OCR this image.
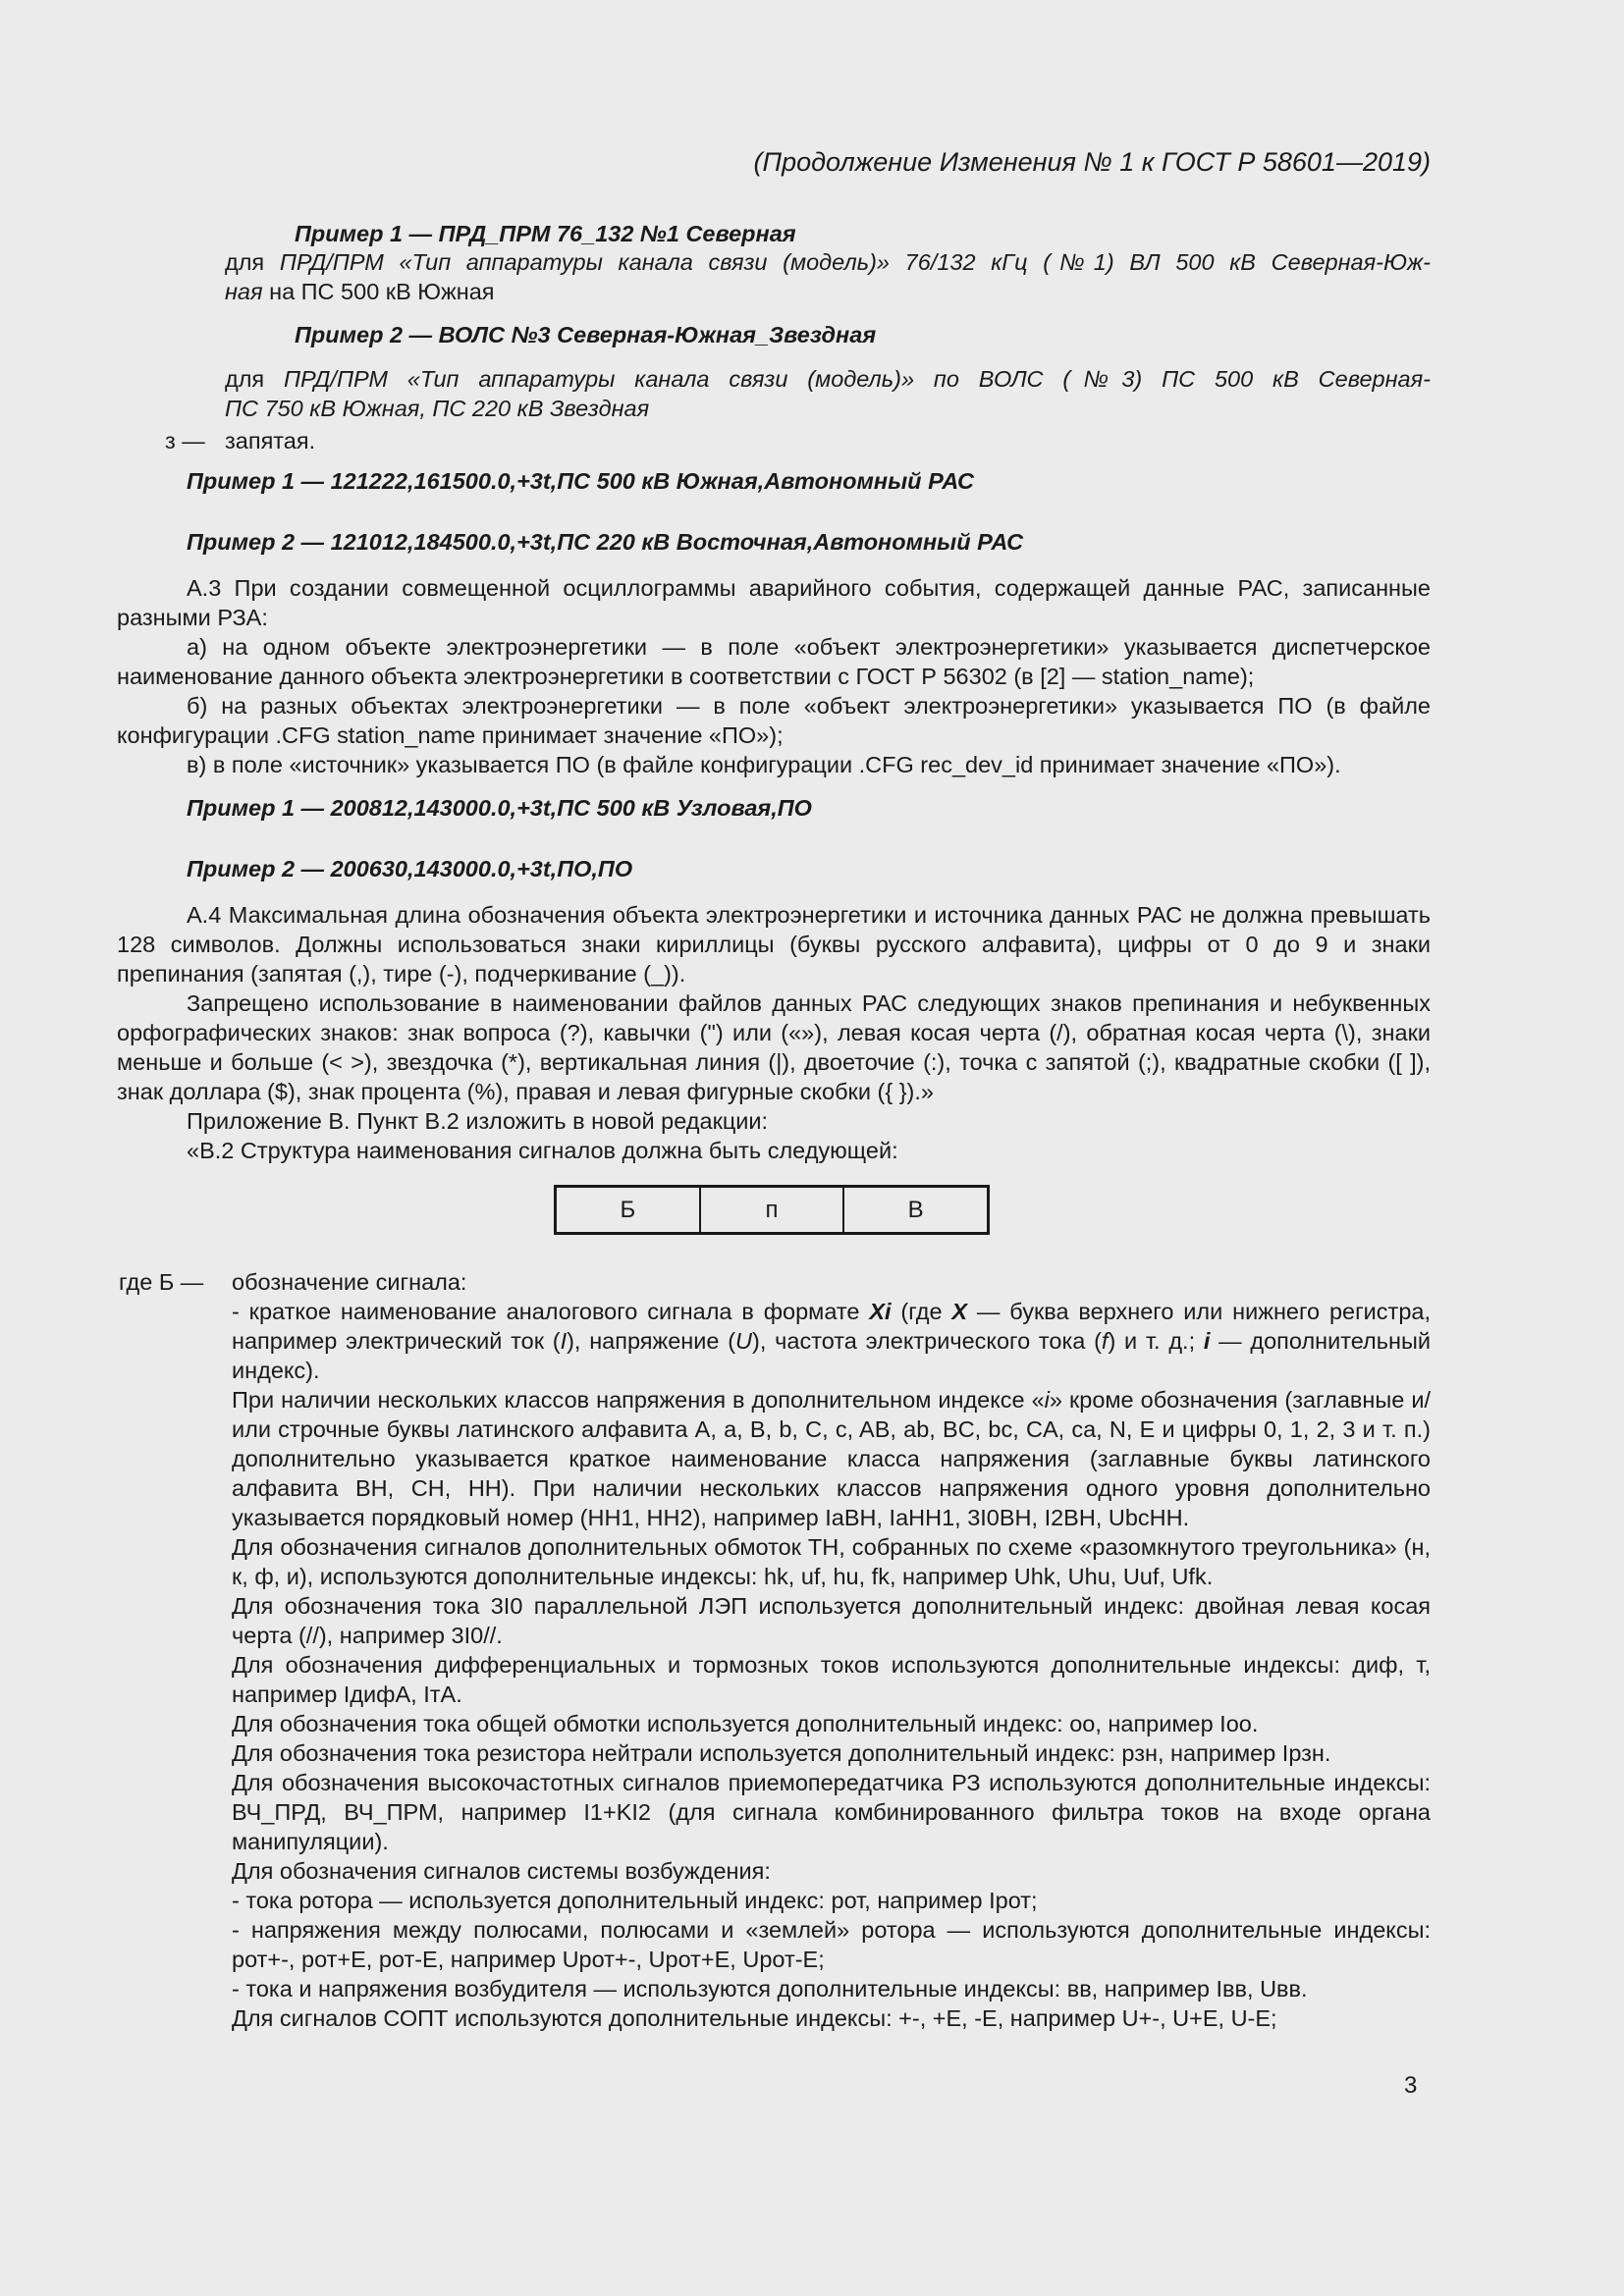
(Продолжение Изменения № 1 к ГОСТ Р 58601—2019)
Пример 1 — ПРД_ПРМ 76_132 №1 Северная

для ПРД/ПРМ «Тип аппаратуры канала связи (модель)» 76/132 кГц (№1) ВЛ 500 кВ Северная-Юж-

ная на ПС 500 кВ Южная

Пример 2 — ВОЛС №3 Северная-Южная_Звездная

для ПРД/ПРМ «Тип аппаратуры канала связи (модель)» по ВОЛС (№3) ПС 500 кВ Северная-

ПС 750 кВ Южная, ПС 220 кВ Звездная

з — запятая.
Пример 1 — 121222,161500.0,+3t,ПС 500 кВ Южная,Автономный РАС
Пример 2 — 121012,184500.0,+3t,ПС 220 кВ Восточная,Автономный РАС

А.3 При создании совмещенной осциллограммы аварийного события, содержащей данные РАС, записанные разными РЗА:

а) на одном объекте электроэнергетики — в поле «объект электроэнергетики» указывается диспетчерское наименование данного объекта электроэнергетики в соответствии с ГОСТ Р 56302 (в [2] — station_name);

б) на разных объектах электроэнергетики — в поле «объект электроэнергетики» указывается ПО (в файле конфигурации .CFG station_name принимает значение «ПО»);

в) в поле «источник» указывается ПО (в файле конфигурации .CFG rec_dev_id принимает значение «ПО»).

Пример 1 — 200812,143000.0,+3t,ПС 500 кВ Узловая,ПО
Пример 2 — 200630,143000.0,+3t,ПО,ПО

А.4 Максимальная длина обозначения объекта электроэнергетики и источника данных РАС не должна превышать 128 символов. Должны использоваться знаки кириллицы (буквы русского алфавита), цифры от 0 до 9 и знаки препинания (запятая (,), тире (-), подчеркивание (_)).

Запрещено использование в наименовании файлов данных РАС следующих знаков препинания и небуквенных орфографических знаков: знак вопроса (?), кавычки (") или («»), левая косая черта (/), обратная косая черта (\), знаки меньше и больше (< >), звездочка (*), вертикальная линия (|), двоеточие (:), точка с запятой (;), квадратные скобки ([ ]), знак доллара ($), знак процента (%), правая и левая фигурные скобки ({ }).»

Приложение В. Пункт В.2 изложить в новой редакции:

«В.2 Структура наименования сигналов должна быть следующей:

Б	п	В
где Б — обозначение сигнала:

- краткое наименование аналогового сигнала в формате Xi (где X — буква верхнего или нижнего регистра, например электрический ток (I), напряжение (U), частота электрического тока (f) и т. д.; i — дополнительный индекс).

При наличии нескольких классов напряжения в дополнительном индексе «i» кроме обозначения (заглавные и/или строчные буквы латинского алфавита А, a, B, b, C, c, AB, ab, BC, bc, CA, ca, N, E и цифры 0, 1, 2, 3 и т. п.) дополнительно указывается краткое наименование класса напряжения (заглавные буквы латинского алфавита ВН, СН, НН). При наличии нескольких классов напряжения одного уровня дополнительно указывается порядковый номер (НН1, НН2), например IaВН, IaНН1, 3I0ВН, I2ВН, UbcНН.

Для обозначения сигналов дополнительных обмоток ТН, собранных по схеме «разомкнутого треугольника» (н, к, ф, и), используются дополнительные индексы: hk, uf, hu, fk, например Uhk, Uhu, Uuf, Ufk.

Для обозначения тока 3I0 параллельной ЛЭП используется дополнительный индекс: двойная левая косая черта (//), например 3I0//.

Для обозначения дифференциальных и тормозных токов используются дополнительные индексы: диф, т, например IдифА, IтА.

Для обозначения тока общей обмотки используется дополнительный индекс: оо, например Iоо.

Для обозначения тока резистора нейтрали используется дополнительный индекс: рзн, например Iрзн.

Для обозначения высокочастотных сигналов приемопередатчика РЗ используются дополнительные индексы: ВЧ_ПРД, ВЧ_ПРМ, например I1+KI2 (для сигнала комбинированного фильтра токов на входе органа манипуляции).

Для обозначения сигналов системы возбуждения:

- тока ротора — используется дополнительный индекс: рот, например Iрот;

- напряжения между полюсами, полюсами и «землей» ротора — используются дополнительные индексы: рот+-, рот+Е, рот-Е, например Uрот+-, Uрот+Е, Uрот-Е;

- тока и напряжения возбудителя — используются дополнительные индексы: вв, например Iвв, Uвв.

Для сигналов СОПТ используются дополнительные индексы: +-, +Е, -Е, например U+-, U+E, U-E;

3
